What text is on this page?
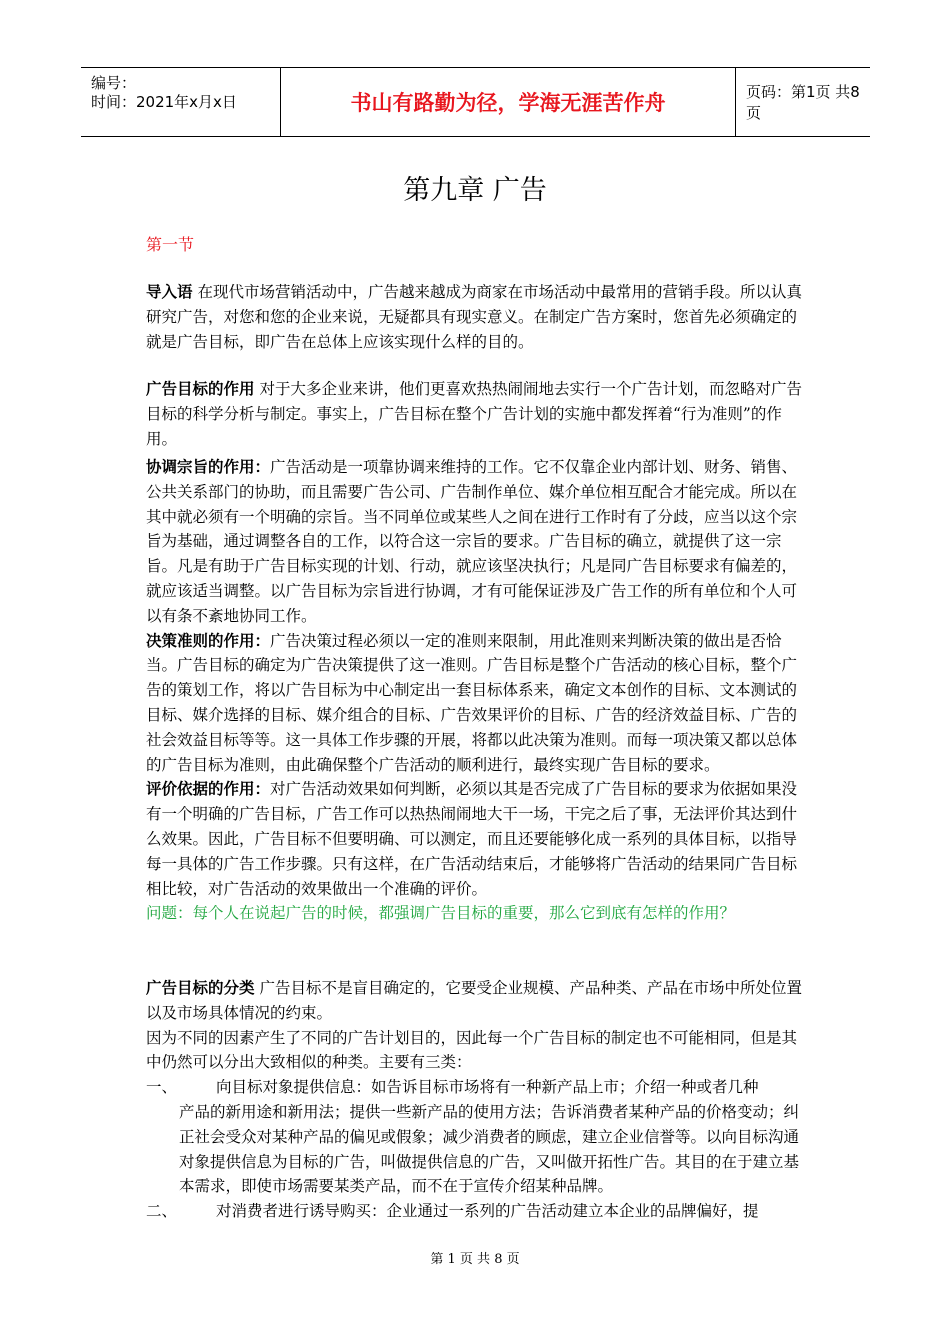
编号：
时间：2021年x月x日	书山有路勤为径，学海无涯苦作舟	页码：第1页 共8页
第九章 广告
第一节

导入语 在现代市场营销活动中，广告越来越成为商家在市场活动中最常用的营销手段。所以认真研究广告，对您和您的企业来说，无疑都具有现实意义。在制定广告方案时，您首先必须确定的就是广告目标，即广告在总体上应该实现什么样的目的。

广告目标的作用 对于大多企业来讲，他们更喜欢热热闹闹地去实行一个广告计划，而忽略对广告目标的科学分析与制定。事实上，广告目标在整个广告计划的实施中都发挥着“行为准则”的作用。

协调宗旨的作用：广告活动是一项靠协调来维持的工作。它不仅靠企业内部计划、财务、销售、公共关系部门的协助，而且需要广告公司、广告制作单位、媒介单位相互配合才能完成。所以在其中就必须有一个明确的宗旨。当不同单位或某些人之间在进行工作时有了分歧，应当以这个宗旨为基础，通过调整各自的工作，以符合这一宗旨的要求。广告目标的确立，就提供了这一宗旨。凡是有助于广告目标实现的计划、行动，就应该坚决执行；凡是同广告目标要求有偏差的，就应该适当调整。以广告目标为宗旨进行协调，才有可能保证涉及广告工作的所有单位和个人可以有条不紊地协同工作。

决策准则的作用：广告决策过程必须以一定的准则来限制，用此准则来判断决策的做出是否恰当。广告目标的确定为广告决策提供了这一准则。广告目标是整个广告活动的核心目标，整个广告的策划工作，将以广告目标为中心制定出一套目标体系来，确定文本创作的目标、文本测试的目标、媒介选择的目标、媒介组合的目标、广告效果评价的目标、广告的经济效益目标、广告的社会效益目标等等。这一具体工作步骤的开展，将都以此决策为准则。而每一项决策又都以总体的广告目标为准则，由此确保整个广告活动的顺利进行，最终实现广告目标的要求。

评价依据的作用：对广告活动效果如何判断，必须以其是否完成了广告目标的要求为依据如果没有一个明确的广告目标，广告工作可以热热闹闹地大干一场，干完之后了事，无法评价其达到什么效果。因此，广告目标不但要明确、可以测定，而且还要能够化成一系列的具体目标，以指导每一具体的广告工作步骤。只有这样，在广告活动结束后，才能够将广告活动的结果同广告目标相比较，对广告活动的效果做出一个准确的评价。

问题：每个人在说起广告的时候，都强调广告目标的重要，那么它到底有怎样的作用？

广告目标的分类 广告目标不是盲目确定的，它要受企业规模、产品种类、产品在市场中所处位置以及市场具体情况的约束。

因为不同的因素产生了不同的广告计划目的，因此每一个广告目标的制定也不可能相同，但是其中仍然可以分出大致相似的种类。主要有三类：

一、	向目标对象提供信息：如告诉目标市场将有一种新产品上市；介绍一种或者几种

产品的新用途和新用法；提供一些新产品的使用方法；告诉消费者某种产品的价格变动；纠正社会受众对某种产品的偏见或假象；减少消费者的顾虑，建立企业信誉等。以向目标沟通对象提供信息为目标的广告，叫做提供信息的广告，又叫做开拓性广告。其目的在于建立基本需求，即使市场需要某类产品，而不在于宣传介绍某种品牌。

二、	对消费者进行诱导购买：企业通过一系列的广告活动建立本企业的品牌偏好，提
第 1 页 共 8 页
